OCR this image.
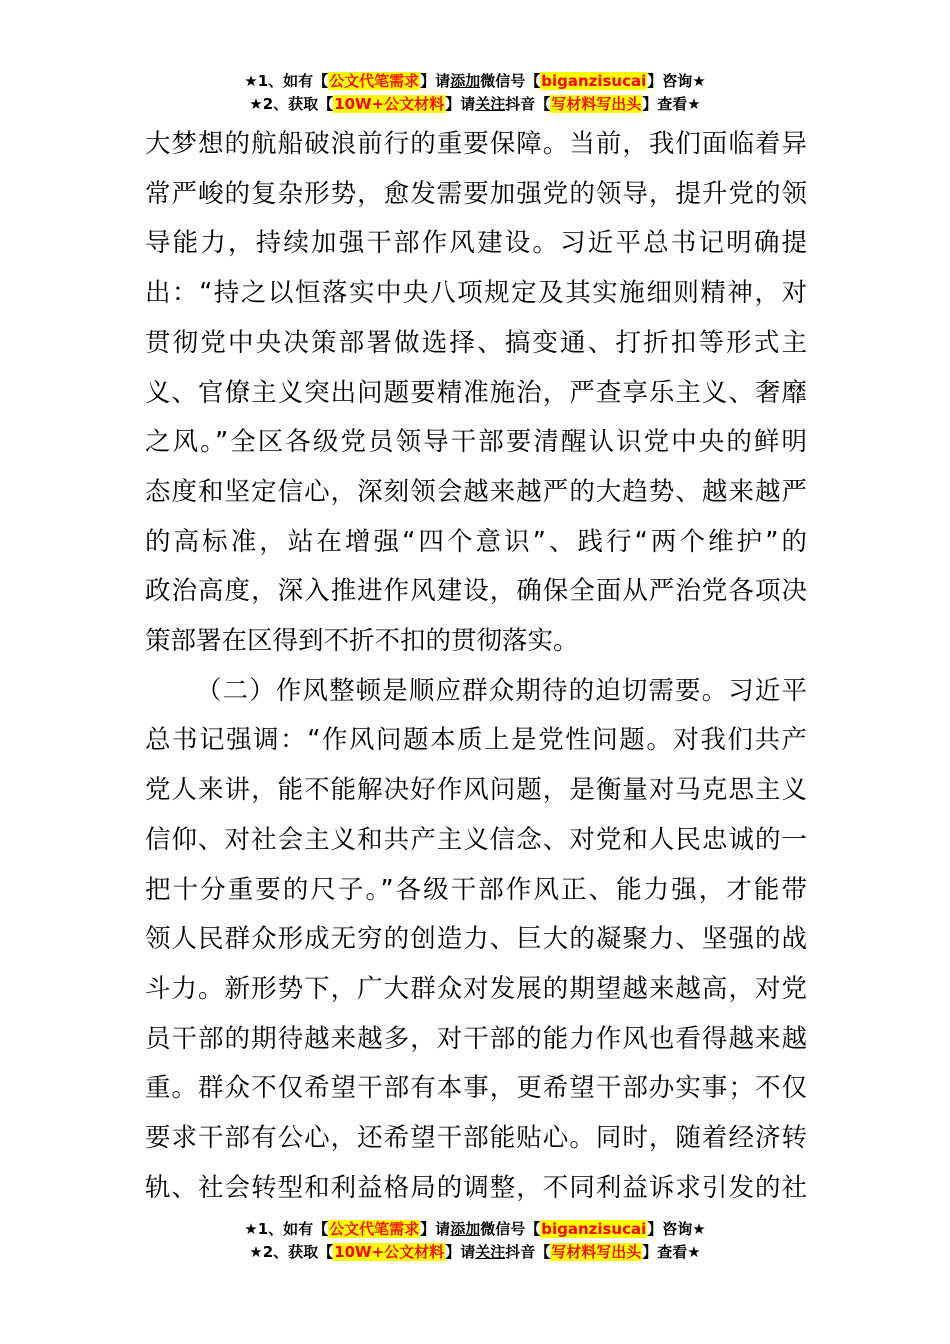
★1、如有【公文代笔需求】请添加微信号【biganzisucai】咨询★
★2、获取【10W+公文材料】请关注抖音【写材料写出头】查看★

大梦想的航船破浪前行的重要保障。当前，我们面临着异
常严峻的复杂形势，愈发需要加强党的领导，提升党的领
导能力，持续加强干部作风建设。习近平总书记明确提
出：“持之以恒落实中央八项规定及其实施细则精神，对
贯彻党中央决策部署做选择、搞变通、打折扣等形式主
义、官僚主义突出问题要精准施治，严查享乐主义、奢靡
之风。”全区各级党员领导干部要清醒认识党中央的鲜明
态度和坚定信心，深刻领会越来越严的大趋势、越来越严
的高标准，站在增强“四个意识”、践行“两个维护”的
政治高度，深入推进作风建设，确保全面从严治党各项决
策部署在区得到不折不扣的贯彻落实。

（二）作风整顿是顺应群众期待的迫切需要。习近平
总书记强调：“作风问题本质上是党性问题。对我们共产
党人来讲，能不能解决好作风问题，是衡量对马克思主义
信仰、对社会主义和共产主义信念、对党和人民忠诚的一
把十分重要的尺子。”各级干部作风正、能力强，才能带
领人民群众形成无穷的创造力、巨大的凝聚力、坚强的战
斗力。新形势下，广大群众对发展的期望越来越高，对党
员干部的期待越来越多，对干部的能力作风也看得越来越
重。群众不仅希望干部有本事，更希望干部办实事；不仅
要求干部有公心，还希望干部能贴心。同时，随着经济转
轨、社会转型和利益格局的调整，不同利益诉求引发的社

★1、如有【公文代笔需求】请添加微信号【biganzisucai】咨询★
★2、获取【10W+公文材料】请关注抖音【写材料写出头】查看★
